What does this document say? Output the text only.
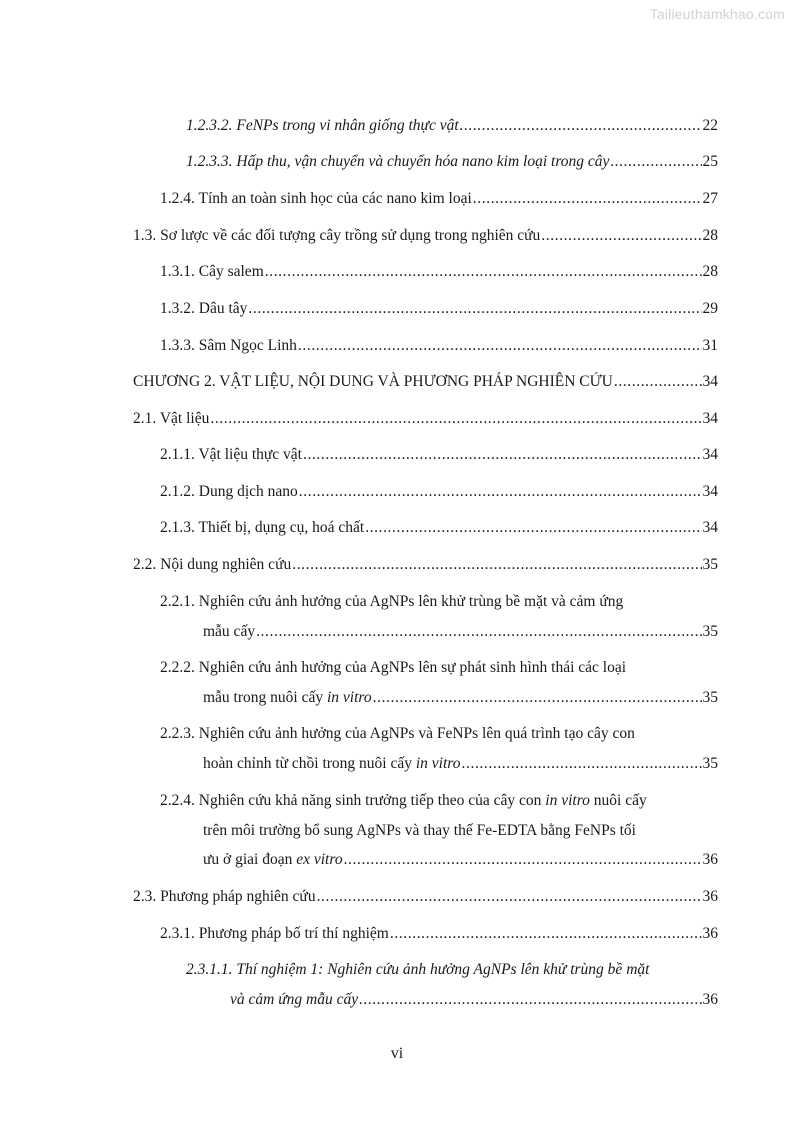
Tailieuthamkhao.com
1.2.3.2. FeNPs trong vi nhân giống thực vật .....	22
1.2.3.3. Hấp thu, vận chuyển và chuyển hóa nano kim loại trong cây .....	25
1.2.4. Tính an toàn sinh học của các nano kim loại .....	27
1.3. Sơ lược về các đối tượng cây trồng sử dụng trong nghiên cứu .....	28
1.3.1. Cây salem .....	28
1.3.2. Dâu tây .....	29
1.3.3. Sâm Ngọc Linh .....	31
CHƯƠNG 2. VẬT LIỆU, NỘI DUNG VÀ PHƯƠNG PHÁP NGHIÊN CỨU .....	34
2.1. Vật liệu .....	34
2.1.1. Vật liệu thực vật .....	34
2.1.2. Dung dịch nano .....	34
2.1.3. Thiết bị, dụng cụ, hoá chất .....	34
2.2. Nội dung nghiên cứu .....	35
2.2.1. Nghiên cứu ảnh hưởng của AgNPs lên khử trùng bề mặt và cảm ứng
mẫu cấy .....	35
2.2.2. Nghiên cứu ảnh hưởng của AgNPs lên sự phát sinh hình thái các loại
mẫu trong nuôi cấy in vitro .....	35
2.2.3. Nghiên cứu ảnh hưởng của AgNPs và FeNPs lên quá trình tạo cây con
hoàn chỉnh từ chồi trong nuôi cấy in vitro .....	35
2.2.4. Nghiên cứu khả năng sinh trưởng tiếp theo của cây con in vitro nuôi cấy
trên môi trường bổ sung AgNPs và thay thế Fe-EDTA bằng FeNPs tối
ưu ở giai đoạn ex vitro .....	36
2.3. Phương pháp nghiên cứu .....	36
2.3.1. Phương pháp bố trí thí nghiệm .....	36
2.3.1.1. Thí nghiệm 1: Nghiên cứu ảnh hưởng AgNPs lên khử trùng bề mặt
và cảm ứng mẫu cấy .....	36
vi
